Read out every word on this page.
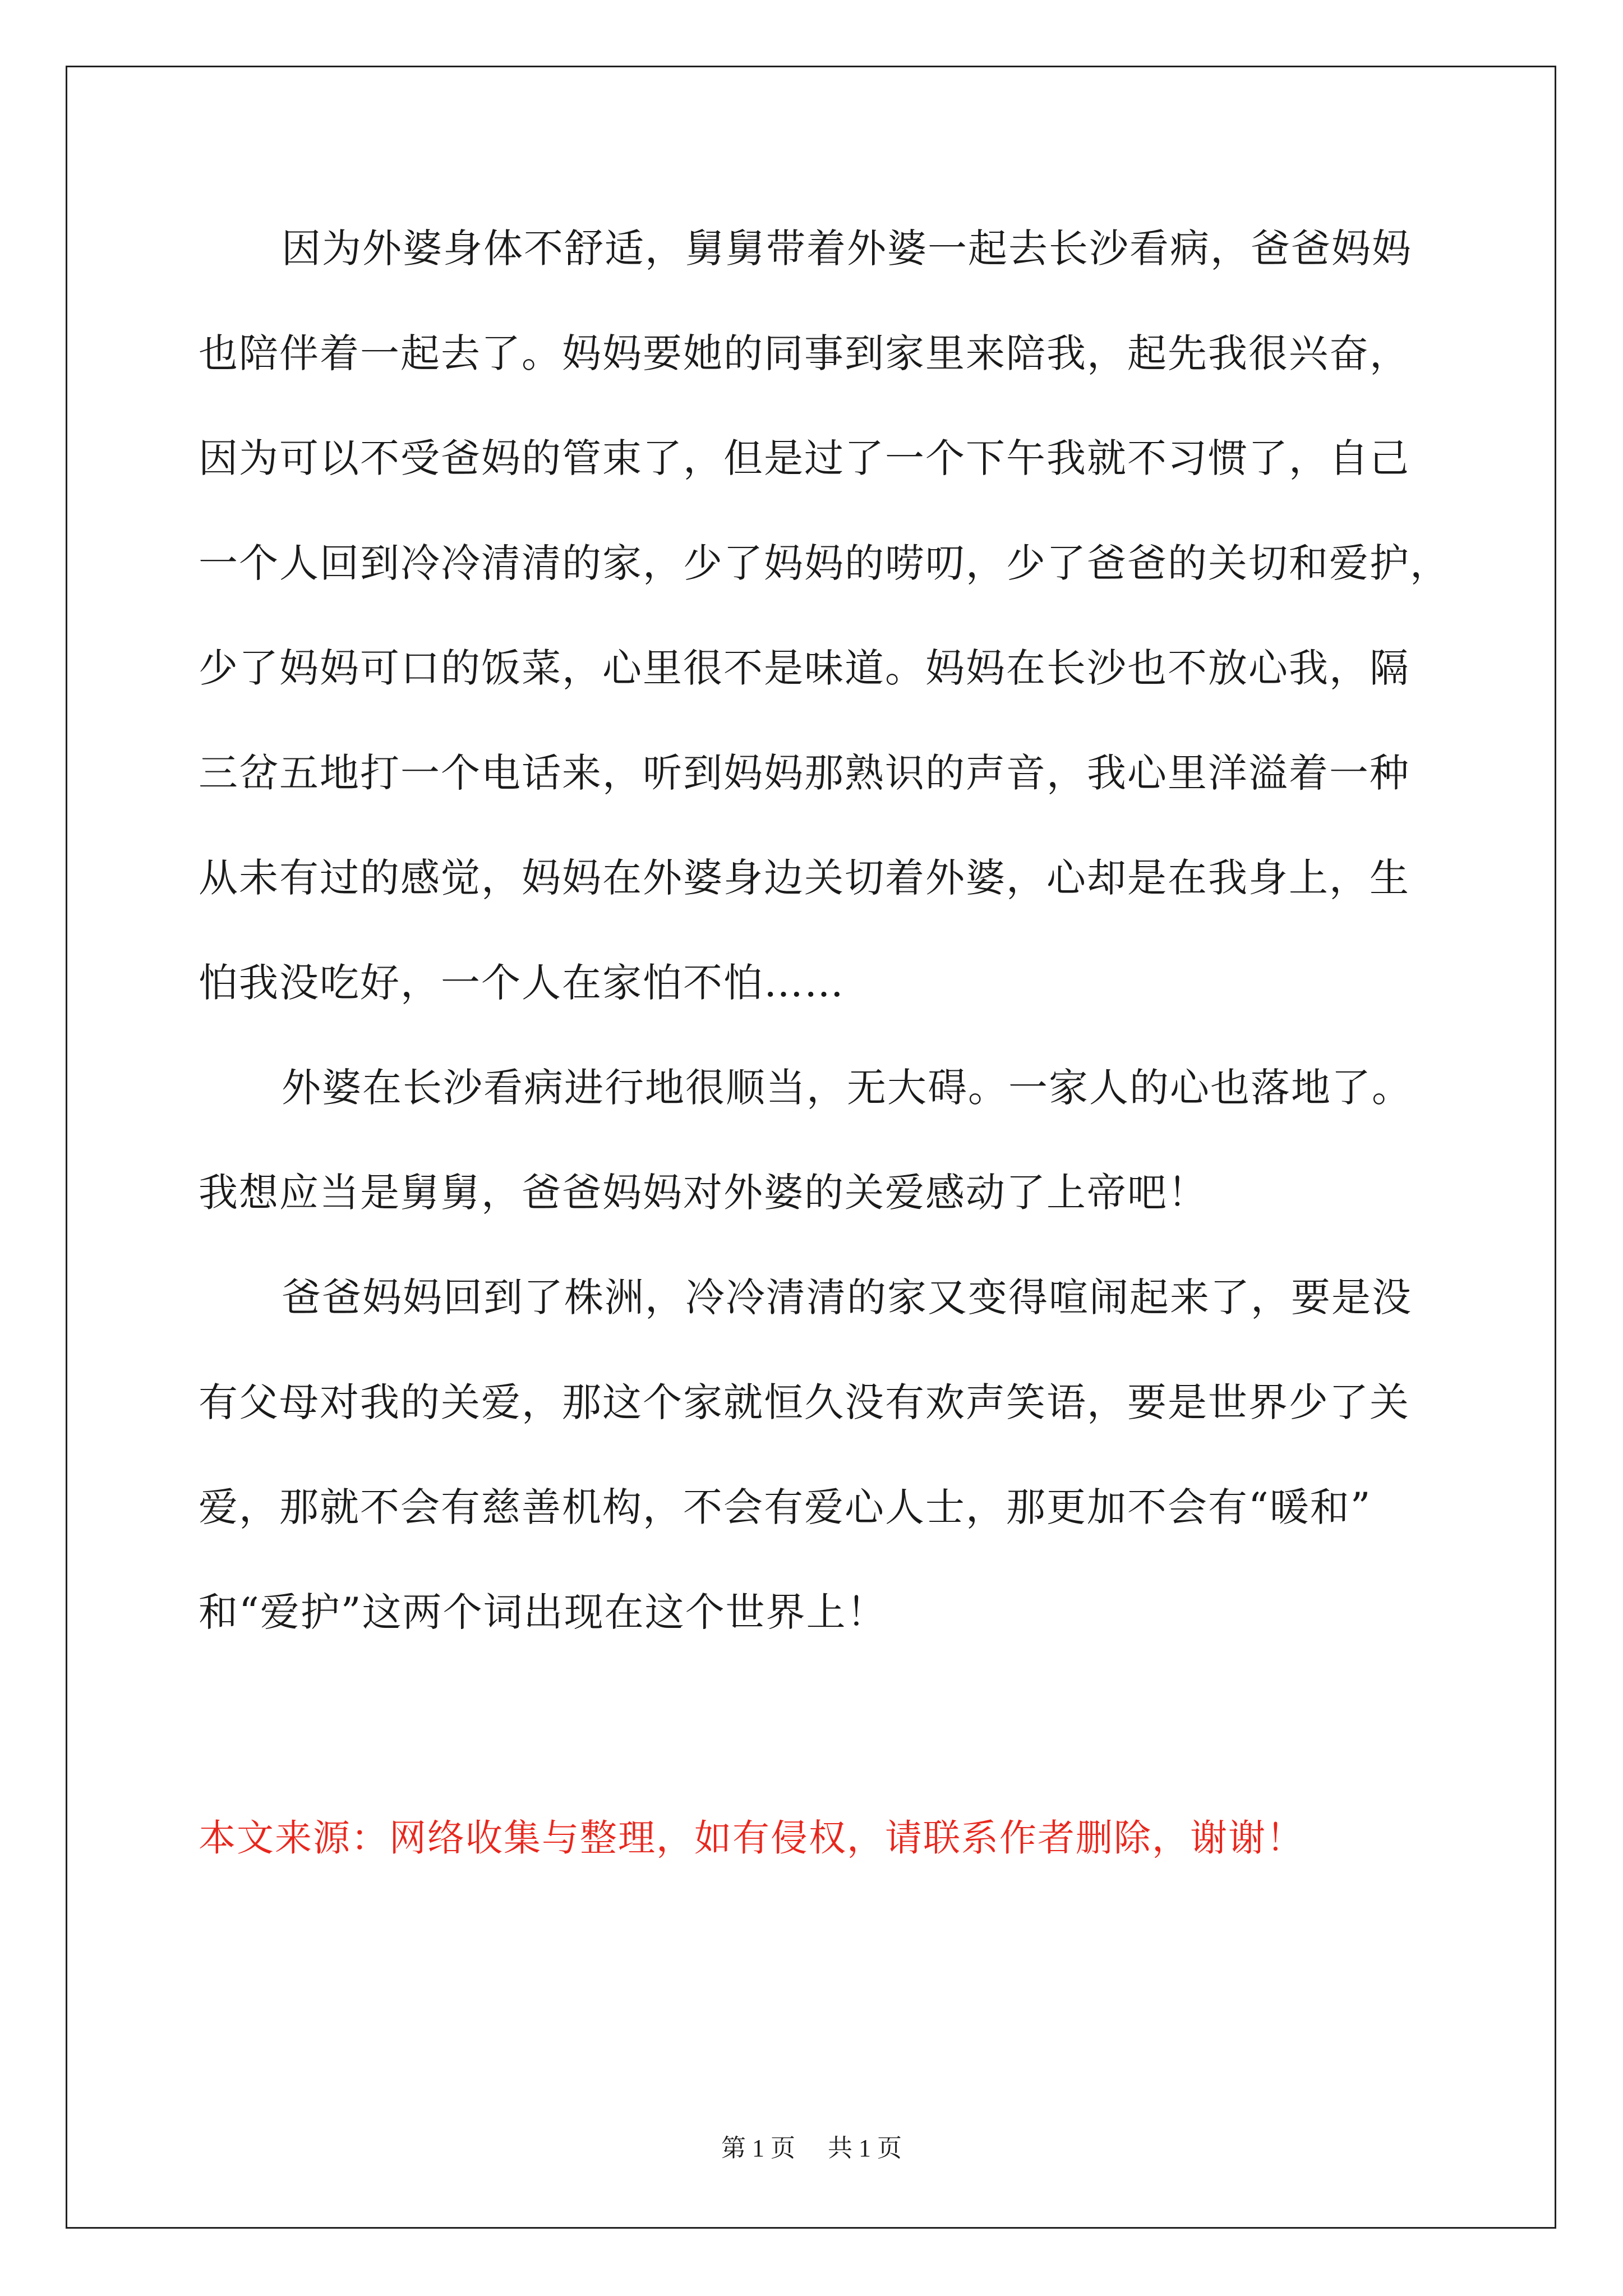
因为外婆身体不舒适，舅舅带着外婆一起去长沙看病，爸爸妈妈
也陪伴着一起去了。妈妈要她的同事到家里来陪我，起先我很兴奋，
因为可以不受爸妈的管束了，但是过了一个下午我就不习惯了，自己
一个人回到冷冷清清的家，少了妈妈的唠叨，少了爸爸的关切和爱护，
少了妈妈可口的饭菜，心里很不是味道。妈妈在长沙也不放心我，隔
三岔五地打一个电话来，听到妈妈那熟识的声音，我心里洋溢着一种
从未有过的感觉，妈妈在外婆身边关切着外婆，心却是在我身上，生
怕我没吃好，一个人在家怕不怕……
外婆在长沙看病进行地很顺当，无大碍。一家人的心也落地了。
我想应当是舅舅，爸爸妈妈对外婆的关爱感动了上帝吧！
爸爸妈妈回到了株洲，冷冷清清的家又变得喧闹起来了，要是没
有父母对我的关爱，那这个家就恒久没有欢声笑语，要是世界少了关
爱，那就不会有慈善机构，不会有爱心人士，那更加不会有“暖和”
和“爱护”这两个词出现在这个世界上！
本文来源：网络收集与整理，如有侵权，请联系作者删除，谢谢！
第 1 页 共 1 页
